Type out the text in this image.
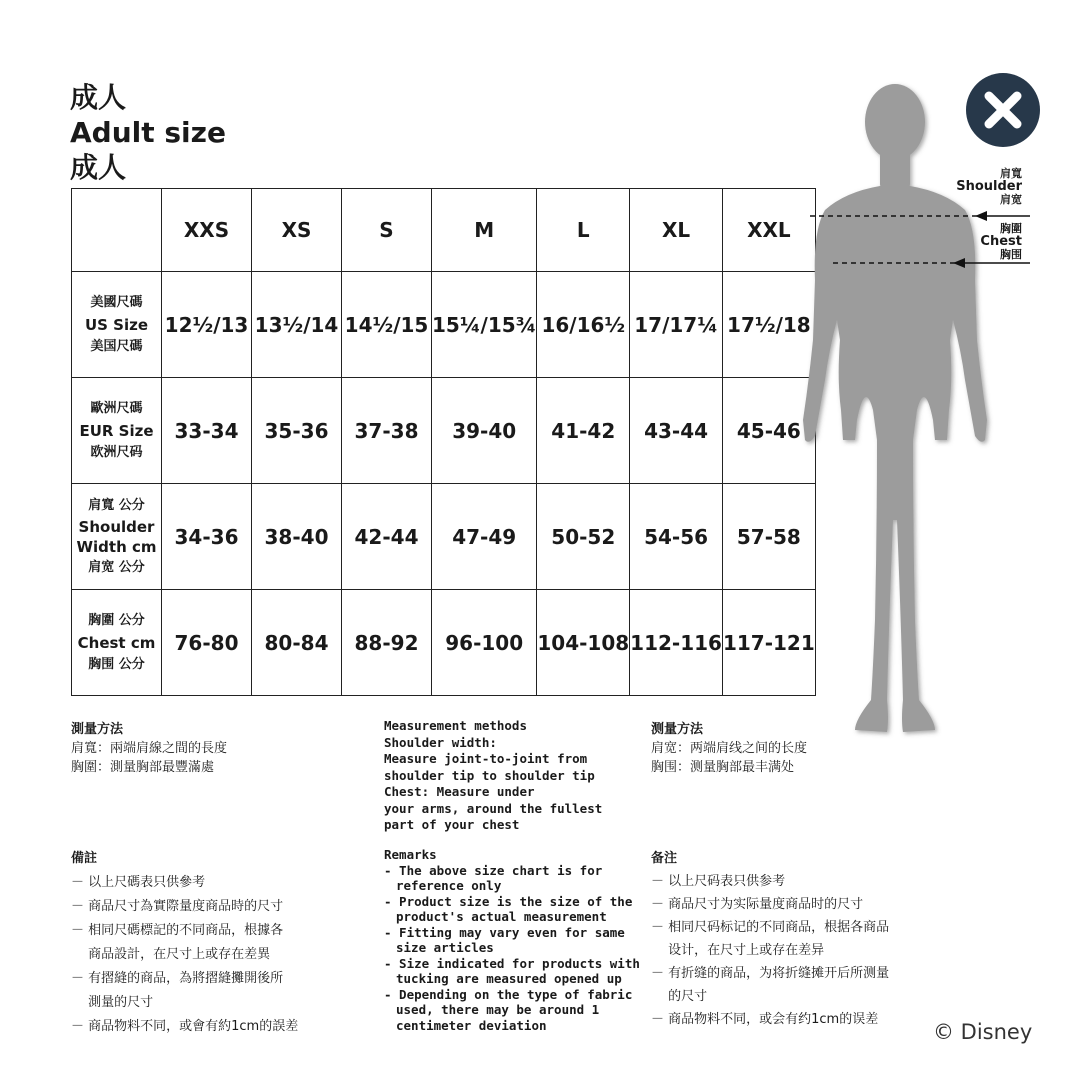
成人
Adult size
成人
	XXS	XS	S	M	L	XL	XXL

美國尺碼
US Size
美国尺碼	12½/13	13½/14	14½/15	15¼/15¾	16/16½	17/17¼	17½/18

歐洲尺碼
EUR Size
欧洲尺码	33-34	35-36	37-38	39-40	41-42	43-44	45-46

肩寬 公分
Shoulder Width cm
肩宽 公分	34-36	38-40	42-44	47-49	50-52	54-56	57-58

胸圍 公分
Chest cm
胸围 公分	76-80	80-84	88-92	96-100	104-108	112-116	117-121
肩寬
Shoulder
肩宽
胸圍
Chest
胸围
測量方法
肩寬：兩端肩線之間的長度
胸圍：測量胸部最豐滿處
Measurement methods
Shoulder width:
Measure joint-to-joint from
shoulder tip to shoulder tip
Chest: Measure under
your arms, around the fullest
part of your chest
测量方法
肩宽：两端肩线之间的长度
胸围：测量胸部最丰满处
備註
－ 以上尺碼表只供參考
－ 商品尺寸為實際量度商品時的尺寸
－ 相同尺碼標記的不同商品，根據各
　 商品設計，在尺寸上或存在差異
－ 有摺縫的商品，為將摺縫攤開後所
　 測量的尺寸
－ 商品物料不同，或會有約1cm的誤差
Remarks
- The above size chart is for
reference only
- Product size is the size of the
product's actual measurement
- Fitting may vary even for same
size articles
- Size indicated for products with
tucking are measured opened up
- Depending on the type of fabric
used, there may be around 1
centimeter deviation
备注
－ 以上尺码表只供参考
－ 商品尺寸为实际量度商品时的尺寸
－ 相同尺码标记的不同商品，根据各商品
　 设计，在尺寸上或存在差异
－ 有折缝的商品，为将折缝摊开后所测量
　 的尺寸
－ 商品物料不同，或会有约1cm的误差
© Disney
